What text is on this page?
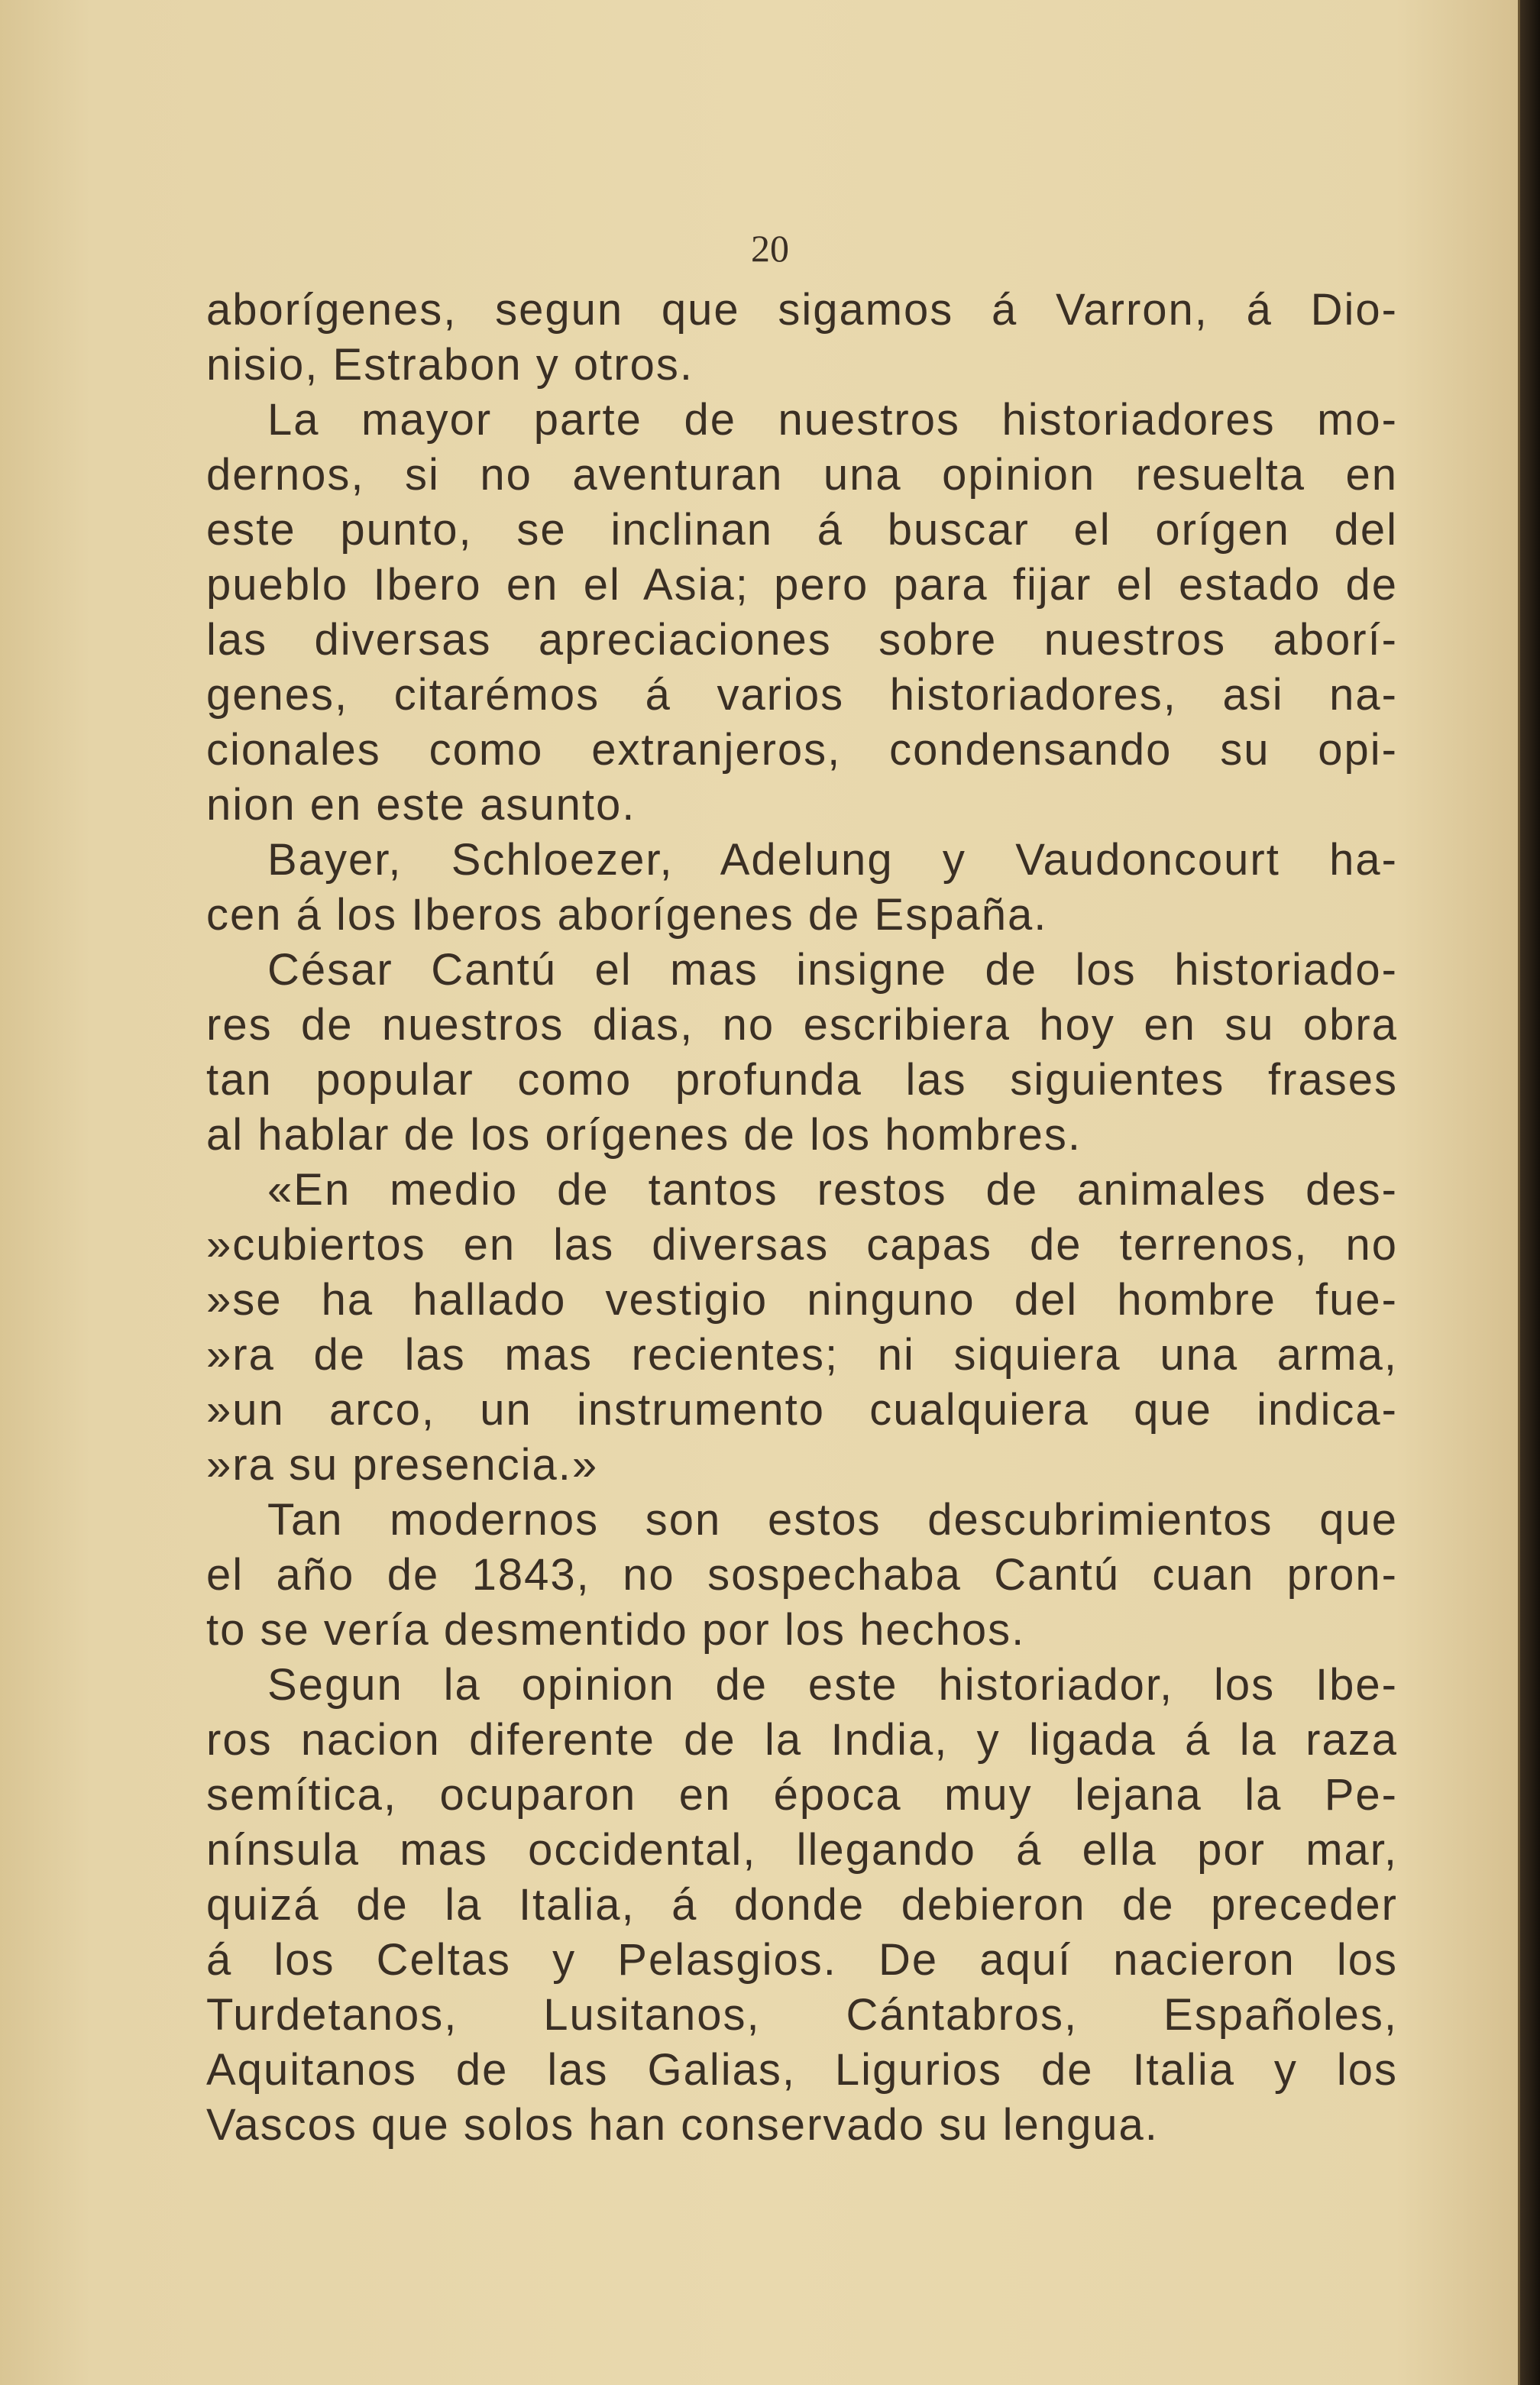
20
aborígenes, segun que sigamos á Varron, á Dio-
nisio, Estrabon y otros.
La mayor parte de nuestros historiadores mo-
dernos, si no aventuran una opinion resuelta en
este punto, se inclinan á buscar el orígen del
pueblo Ibero en el Asia; pero para fijar el estado de
las diversas apreciaciones sobre nuestros aborí-
genes, citarémos á varios historiadores, asi na-
cionales como extranjeros, condensando su opi-
nion en este asunto.
Bayer, Schloezer, Adelung y Vaudoncourt ha-
cen á los Iberos aborígenes de España.
César Cantú el mas insigne de los historiado-
res de nuestros dias, no escribiera hoy en su obra
tan popular como profunda las siguientes frases
al hablar de los orígenes de los hombres.
«En medio de tantos restos de animales des-
»cubiertos en las diversas capas de terrenos, no
»se ha hallado vestigio ninguno del hombre fue-
»ra de las mas recientes; ni siquiera una arma,
»un arco, un instrumento cualquiera que indica-
»ra su presencia.»
Tan modernos son estos descubrimientos que
el año de 1843, no sospechaba Cantú cuan pron-
to se vería desmentido por los hechos.
Segun la opinion de este historiador, los Ibe-
ros nacion diferente de la India, y ligada á la raza
semítica, ocuparon en época muy lejana la Pe-
nínsula mas occidental, llegando á ella por mar,
quizá de la Italia, á donde debieron de preceder
á los Celtas y Pelasgios. De aquí nacieron los
Turdetanos, Lusitanos, Cántabros, Españoles,
Aquitanos de las Galias, Ligurios de Italia y los
Vascos que solos han conservado su lengua.
